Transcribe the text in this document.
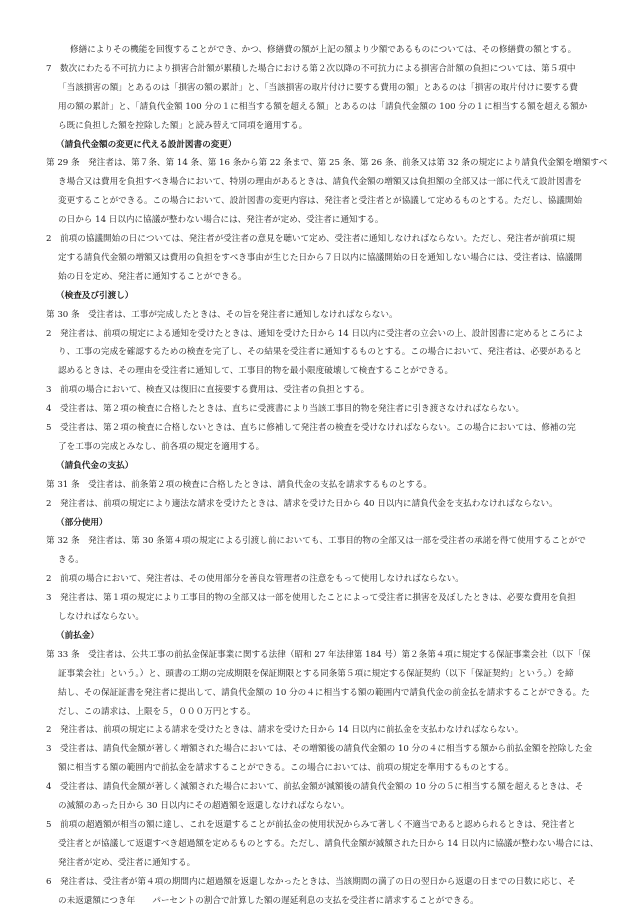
修繕によりその機能を回復することができ、かつ、修繕費の額が上記の額より少額であるものについては、その修繕費の額とする。
7　数次にわたる不可抗力により損害合計額が累積した場合における第２次以降の不可抗力による損害合計額の負担については、第５項中
「当該損害の額」とあるのは「損害の額の累計」と、「当該損害の取片付けに要する費用の額」とあるのは「損害の取片付けに要する費
用の額の累計」と、「請負代金額 100 分の１に相当する額を超える額」とあるのは「請負代金額の 100 分の１に相当する額を超える額か
ら既に負担した額を控除した額」と読み替えて同項を適用する。
（請負代金額の変更に代える設計図書の変更）
第 29 条　発注者は、第７条、第 14 条、第 16 条から第 22 条まで、第 25 条、第 26 条、前条又は第 32 条の規定により請負代金額を増額すべ
き場合又は費用を負担すべき場合において、特別の理由があるときは、請負代金額の増額又は負担額の全部又は一部に代えて設計図書を
変更することができる。この場合において、設計図書の変更内容は、発注者と受注者とが協議して定めるものとする。ただし、協議開始
の日から 14 日以内に協議が整わない場合には、発注者が定め、受注者に通知する。
2　前項の協議開始の日については、発注者が受注者の意見を聴いて定め、受注者に通知しなければならない。ただし、発注者が前項に規
定する請負代金額の増額又は費用の負担をすべき事由が生じた日から７日以内に協議開始の日を通知しない場合には、受注者は、協議開
始の日を定め、発注者に通知することができる。
（検査及び引渡し）
第 30 条　受注者は、工事が完成したときは、その旨を発注者に通知しなければならない。
2　発注者は、前項の規定による通知を受けたときは、通知を受けた日から 14 日以内に受注者の立会いの上、設計図書に定めるところによ
り、工事の完成を確認するための検査を完了し、その結果を受注者に通知するものとする。この場合において、発注者は、必要があると
認めるときは、その理由を受注者に通知して、工事目的物を最小限度破壊して検査することができる。
3　前項の場合において、検査又は復旧に直接要する費用は、受注者の負担とする。
4　受注者は、第２項の検査に合格したときは、直ちに受渡書により当該工事目的物を発注者に引き渡さなければならない。
5　受注者は、第２項の検査に合格しないときは、直ちに修補して発注者の検査を受けなければならない。この場合においては、修補の完
了を工事の完成とみなし、前各項の規定を適用する。
（請負代金の支払）
第 31 条　受注者は、前条第２項の検査に合格したときは、請負代金の支払を請求するものとする。
2　発注者は、前項の規定により適法な請求を受けたときは、請求を受けた日から 40 日以内に請負代金を支払わなければならない。
（部分使用）
第 32 条　発注者は、第 30 条第４項の規定による引渡し前においても、工事目的物の全部又は一部を受注者の承諾を得て使用することがで
きる。
2　前項の場合において、発注者は、その使用部分を善良な管理者の注意をもって使用しなければならない。
3　発注者は、第１項の規定により工事目的物の全部又は一部を使用したことによって受注者に損害を及ぼしたときは、必要な費用を負担
しなければならない。
（前払金）
第 33 条　受注者は、公共工事の前払金保証事業に関する法律（昭和 27 年法律第 184 号）第２条第４項に規定する保証事業会社（以下「保
証事業会社」という。）と、頭書の工期の完成期限を保証期限とする同条第５項に規定する保証契約（以下「保証契約」という。）を締
結し、その保証証書を発注者に提出して、請負代金額の 10 分の４に相当する額の範囲内で請負代金の前金払を請求することができる。た
だし、この請求は、上限を５，０００万円とする。
2　発注者は、前項の規定による請求を受けたときは、請求を受けた日から 14 日以内に前払金を支払わなければならない。
3　受注者は、請負代金額が著しく増額された場合においては、その増額後の請負代金額の 10 分の４に相当する額から前払金額を控除した金
額に相当する額の範囲内で前払金を請求することができる。この場合においては、前項の規定を準用するものとする。
4　受注者は、請負代金額が著しく減額された場合において、前払金額が減額後の請負代金額の 10 分の５に相当する額を超えるときは、そ
の減額のあった日から 30 日以内にその超過額を返還しなければならない。
5　前項の超過額が相当の額に達し、これを返還することが前払金の使用状況からみて著しく不適当であると認められるときは、発注者と
受注者とが協議して返還すべき超過額を定めるものとする。ただし、請負代金額が減額された日から 14 日以内に協議が整わない場合には、
発注者が定め、受注者に通知する。
6　発注者は、受注者が第４項の期間内に超過額を返還しなかったときは、当該期間の満了の日の翌日から返還の日までの日数に応じ、そ
の未返還額につき年　　パーセントの割合で計算した額の遅延利息の支払を受注者に請求することができる。
